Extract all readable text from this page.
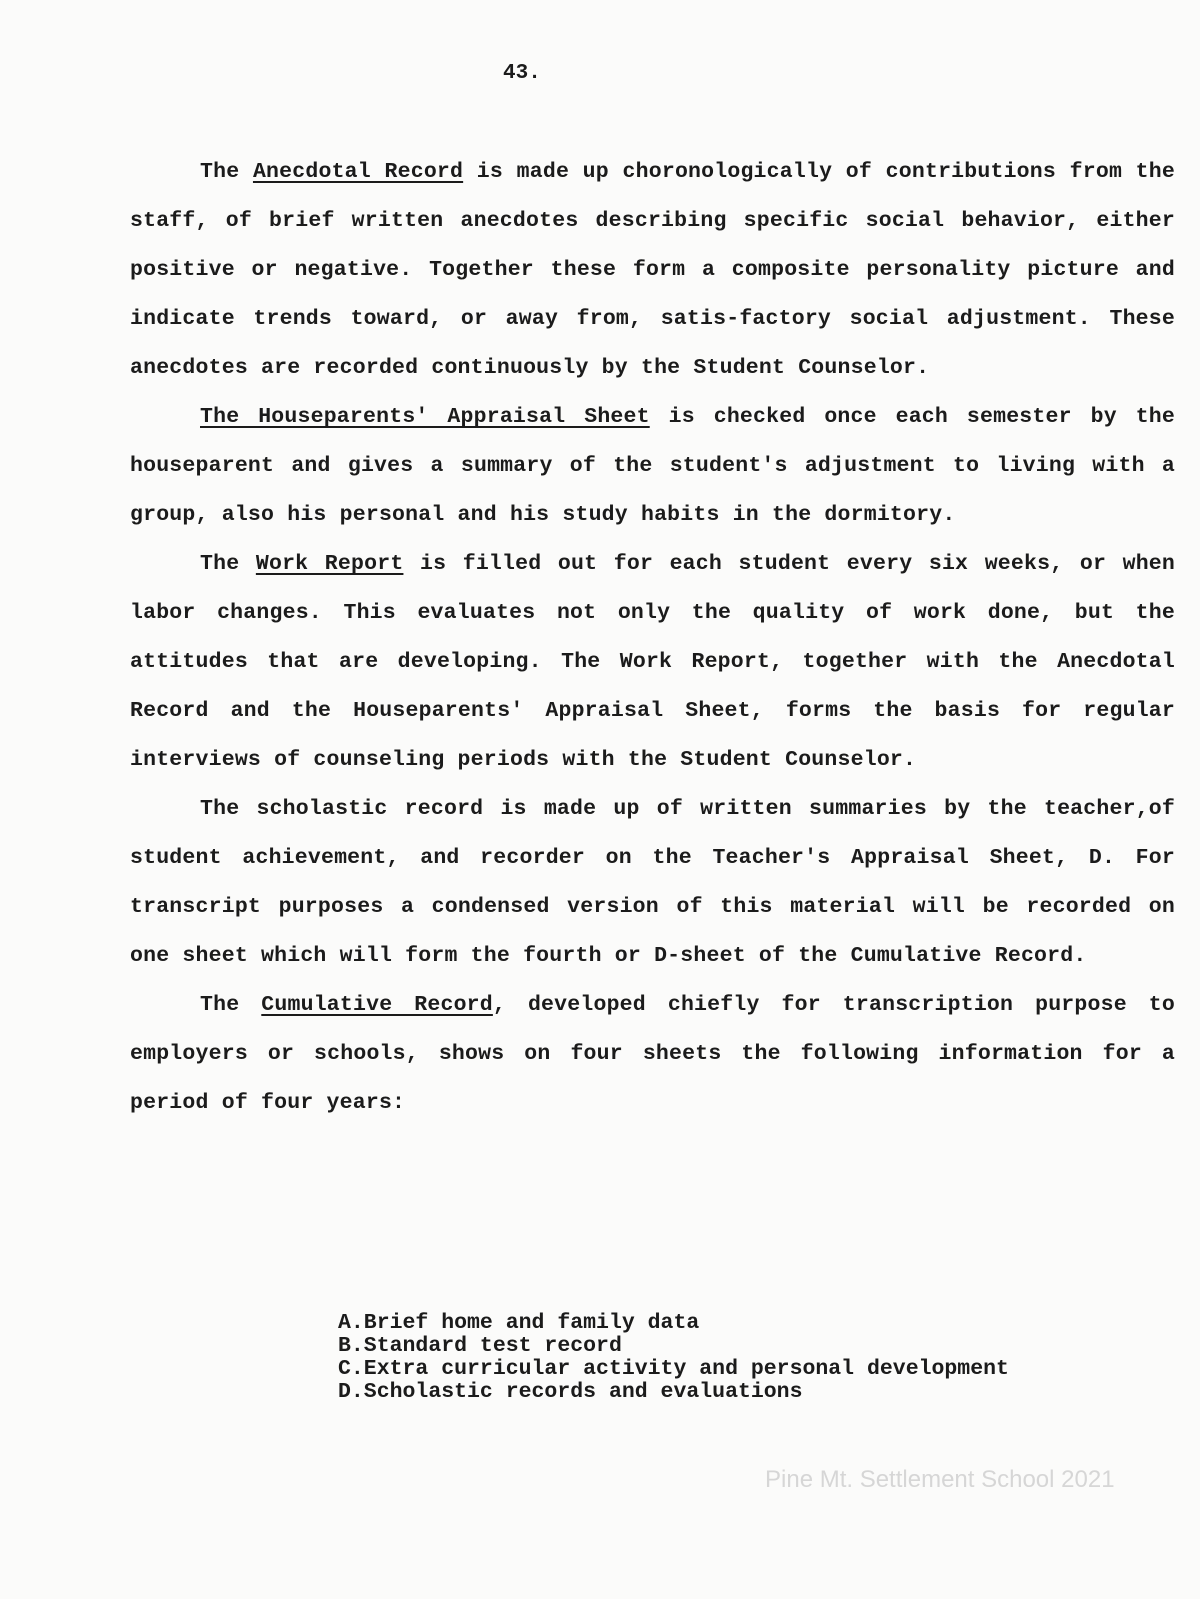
43.

The Anecdotal Record is made up choronologically of contributions from the staff, of brief written anecdotes describing specific social behavior, either positive or negative. Together these form a composite personality picture and indicate trends toward, or away from, satis-factory social adjustment. These anecdotes are recorded continuously by the Student Counselor.

The Houseparents' Appraisal Sheet is checked once each semester by the houseparent and gives a summary of the student's adjustment to living with a group, also his personal and his study habits in the dormitory.

The Work Report is filled out for each student every six weeks, or when labor changes. This evaluates not only the quality of work done, but the attitudes that are developing. The Work Report, together with the Anecdotal Record and the Houseparents' Appraisal Sheet, forms the basis for regular interviews of counseling periods with the Student Counselor.

The scholastic record is made up of written summaries by the teacher,of student achievement, and recorder on the Teacher's Appraisal Sheet, D. For transcript purposes a condensed version of this material will be recorded on one sheet which will form the fourth or D-sheet of the Cumulative Record.

The Cumulative Record, developed chiefly for transcription purpose to employers or schools, shows on four sheets the following information for a period of four years:

A.Brief home and family data
B.Standard test record
C.Extra curricular activity and personal development
D.Scholastic records and evaluations
Pine Mt. Settlement School 2021
